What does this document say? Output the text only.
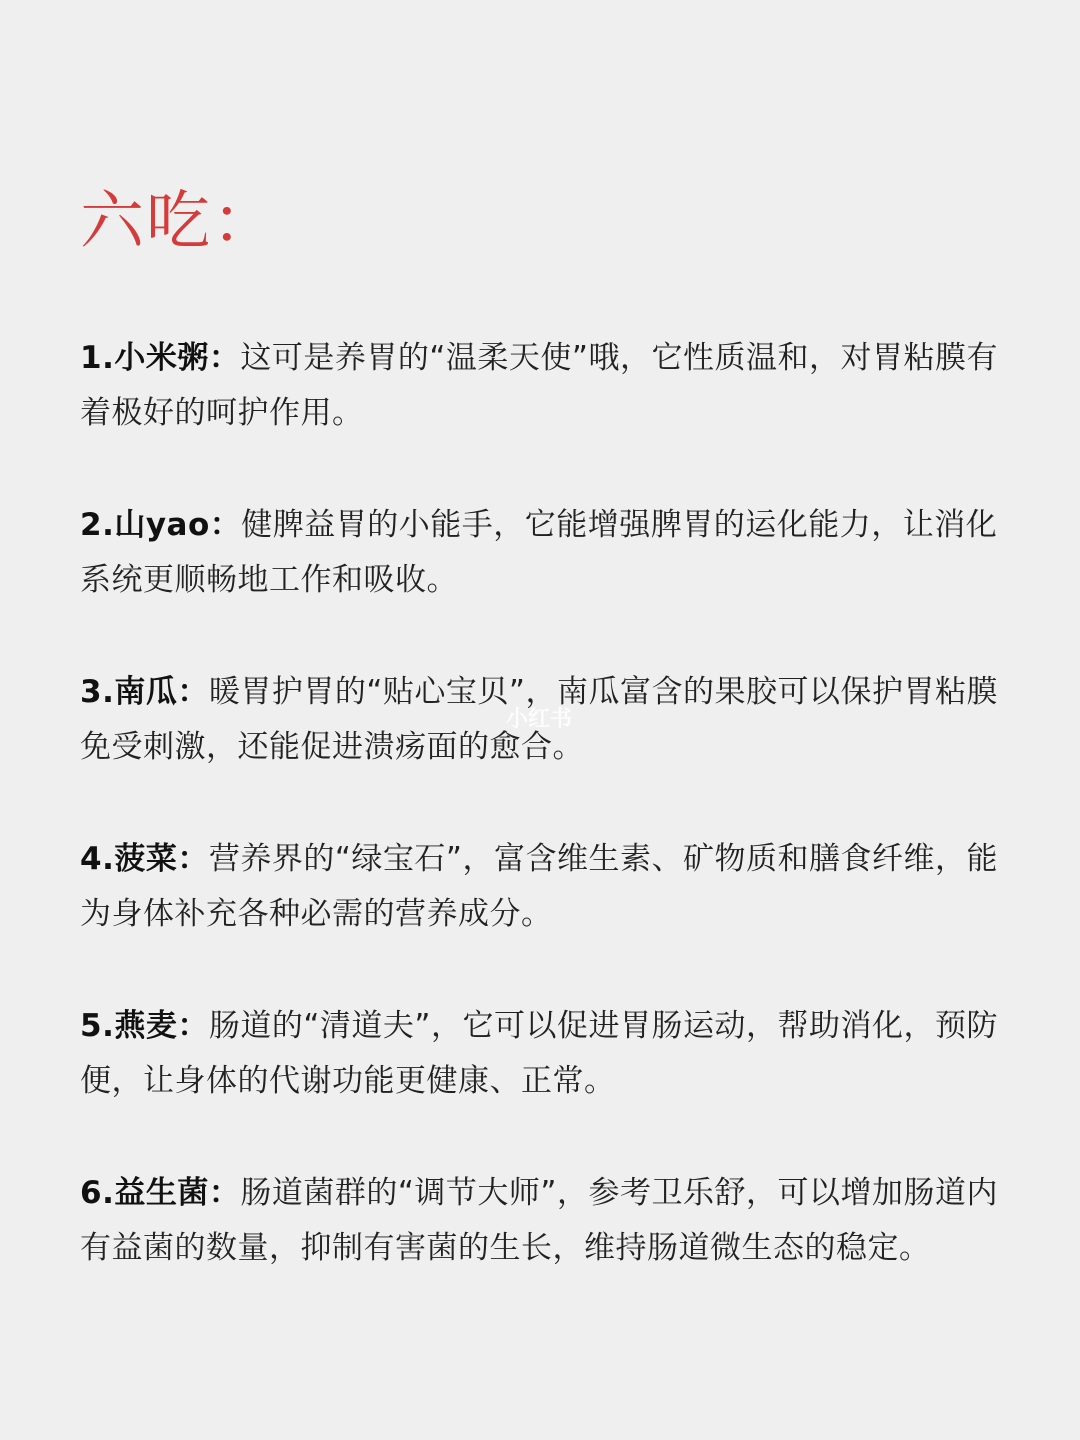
六吃：

1.小米粥：这可是养胃的“温柔天使”哦，它性质温和，对胃粘膜有着极好的呵护作用。

2.山yao：健脾益胃的小能手，它能增强脾胃的运化能力，让消化系统更顺畅地工作和吸收。

3.南瓜：暖胃护胃的“贴心宝贝”，南瓜富含的果胶可以保护胃粘膜免受刺激，还能促进溃疡面的愈合。

4.菠菜：营养界的“绿宝石”，富含维生素、矿物质和膳食纤维，能为身体补充各种必需的营养成分。

5.燕麦：肠道的“清道夫”，它可以促进胃肠运动，帮助消化，预防便，让身体的代谢功能更健康、正常。

6.益生菌：肠道菌群的“调节大师”，参考卫乐舒，可以增加肠道内有益菌的数量，抑制有害菌的生长，维持肠道微生态的稳定。

小红书
